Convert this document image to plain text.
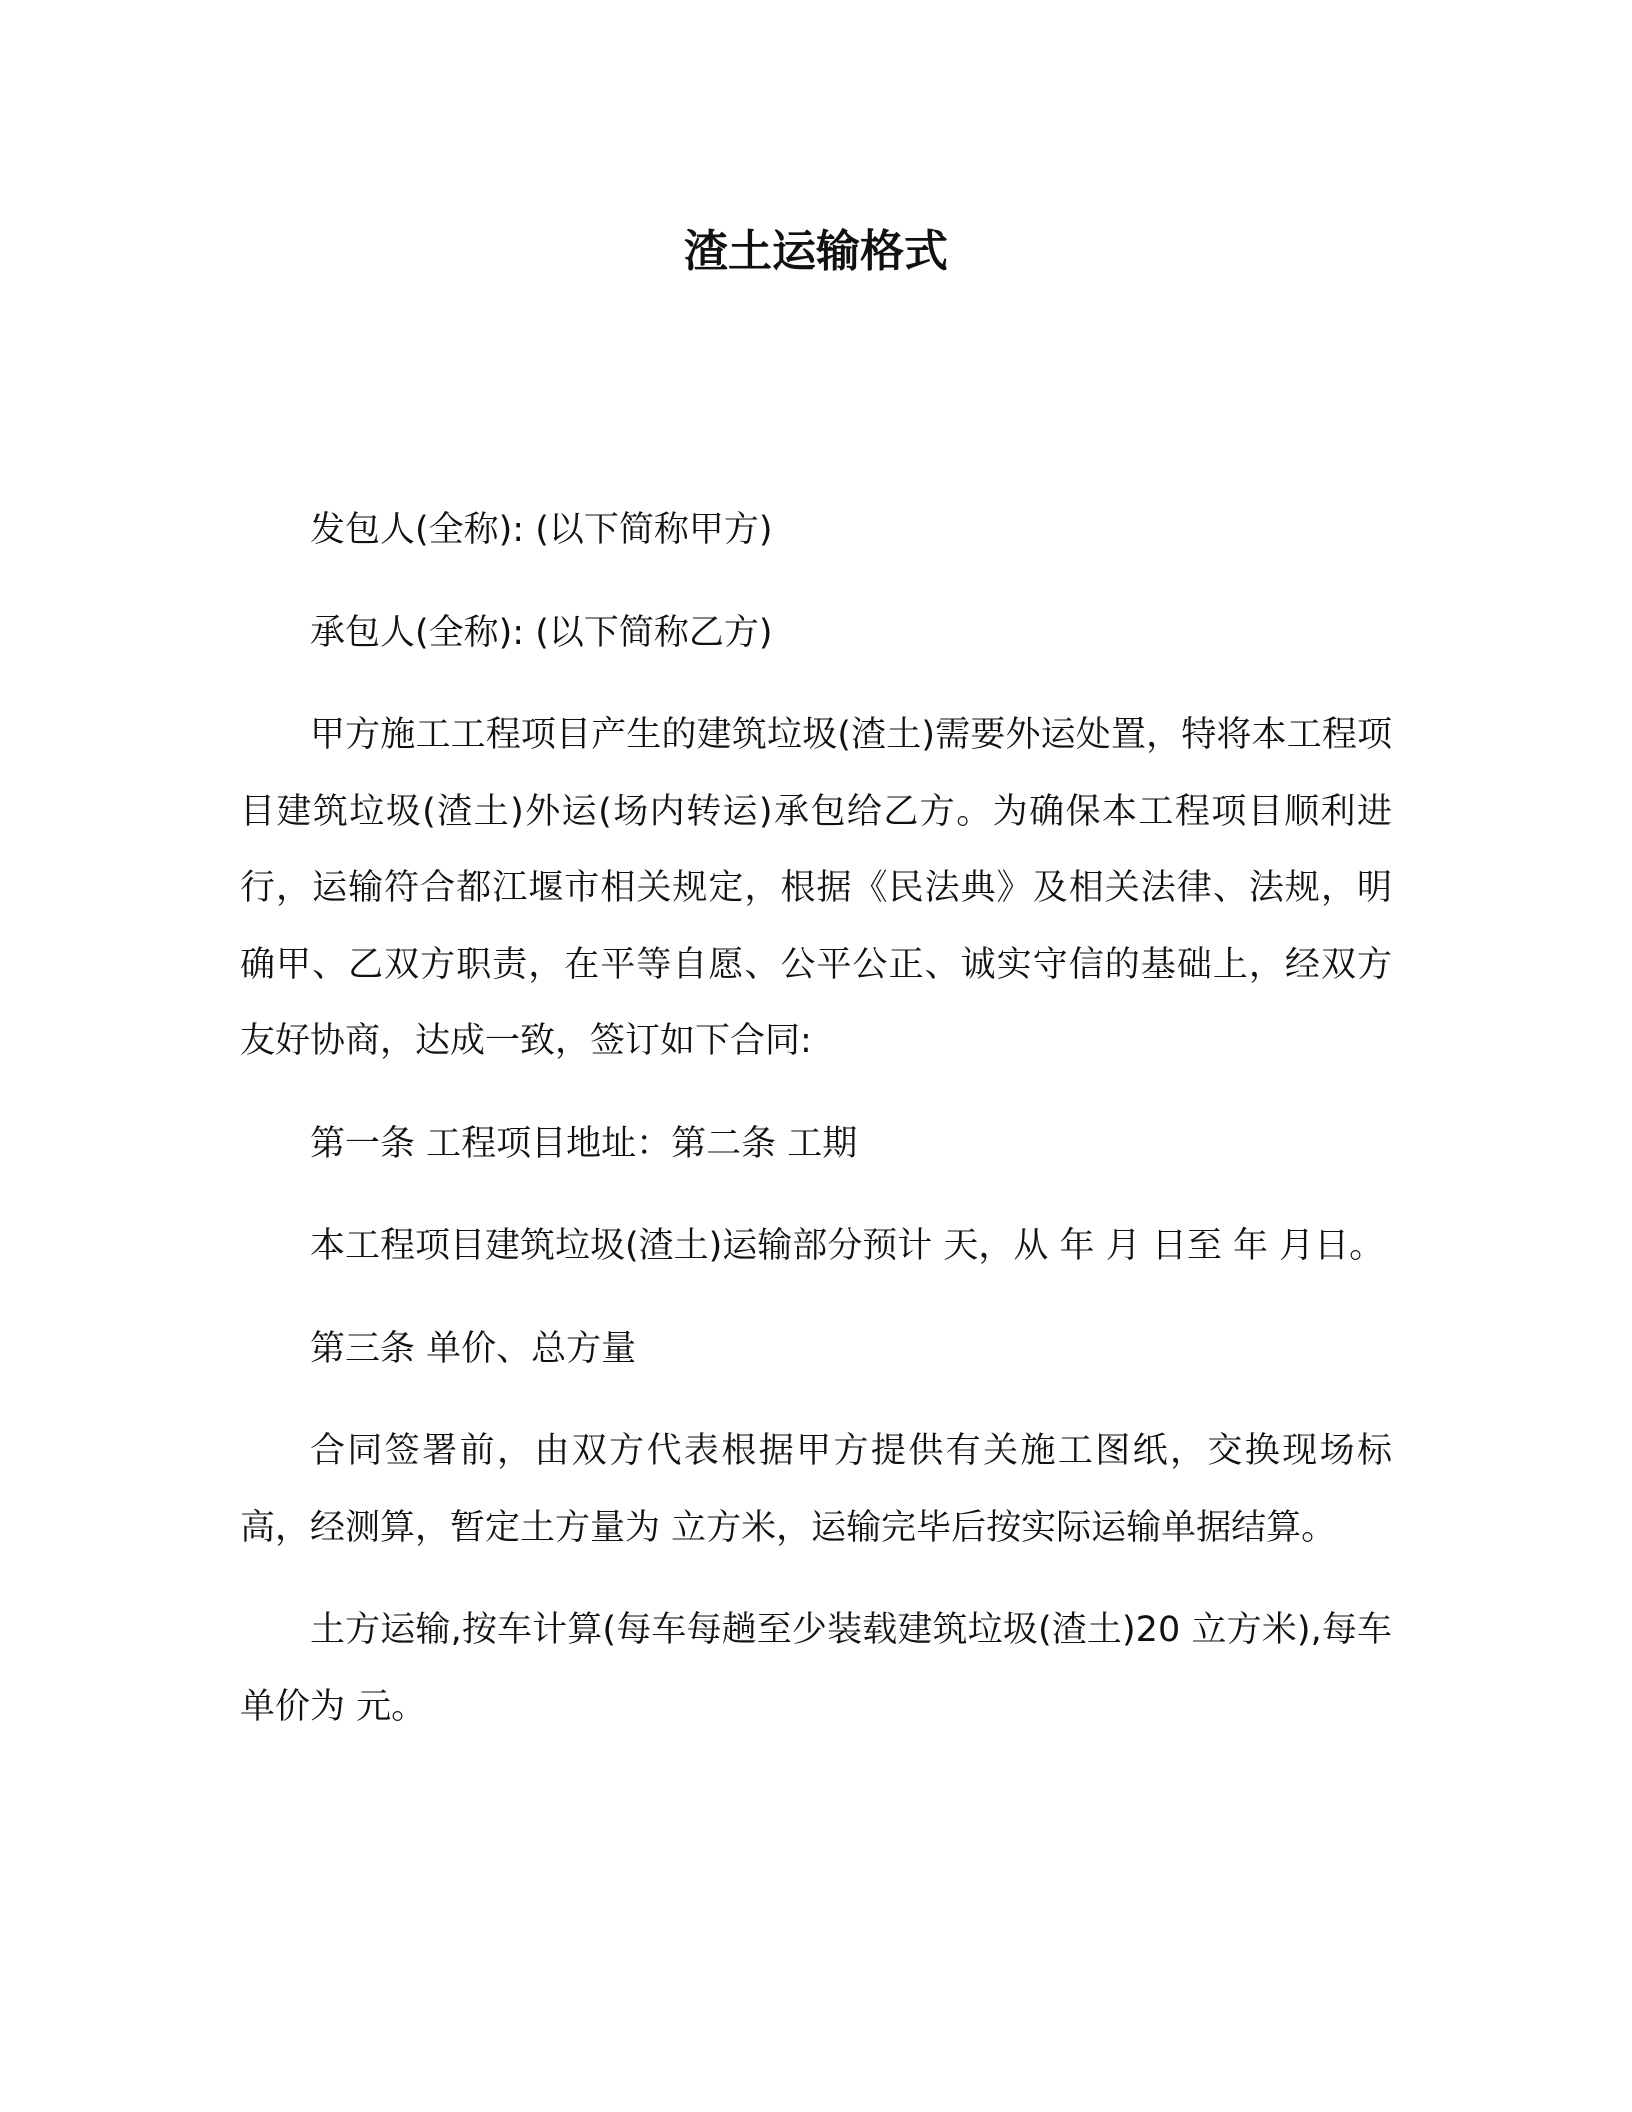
渣土运输格式

发包人(全称): (以下简称甲方)

承包人(全称): (以下简称乙方)

甲方施工工程项目产生的建筑垃圾(渣土)需要外运处置，特将本工程项目建筑垃圾(渣土)外运(场内转运)承包给乙方。为确保本工程项目顺利进行，运输符合都江堰市相关规定，根据《民法典》及相关法律、法规，明确甲、乙双方职责，在平等自愿、公平公正、诚实守信的基础上，经双方友好协商，达成一致，签订如下合同:

第一条 工程项目地址：第二条 工期

本工程项目建筑垃圾(渣土)运输部分预计 天，从 年 月 日至 年 月日。

第三条 单价、总方量

合同签署前，由双方代表根据甲方提供有关施工图纸，交换现场标高，经测算，暂定土方量为 立方米，运输完毕后按实际运输单据结算。

土方运输,按车计算(每车每趟至少装载建筑垃圾(渣土)20 立方米),每车单价为 元。
